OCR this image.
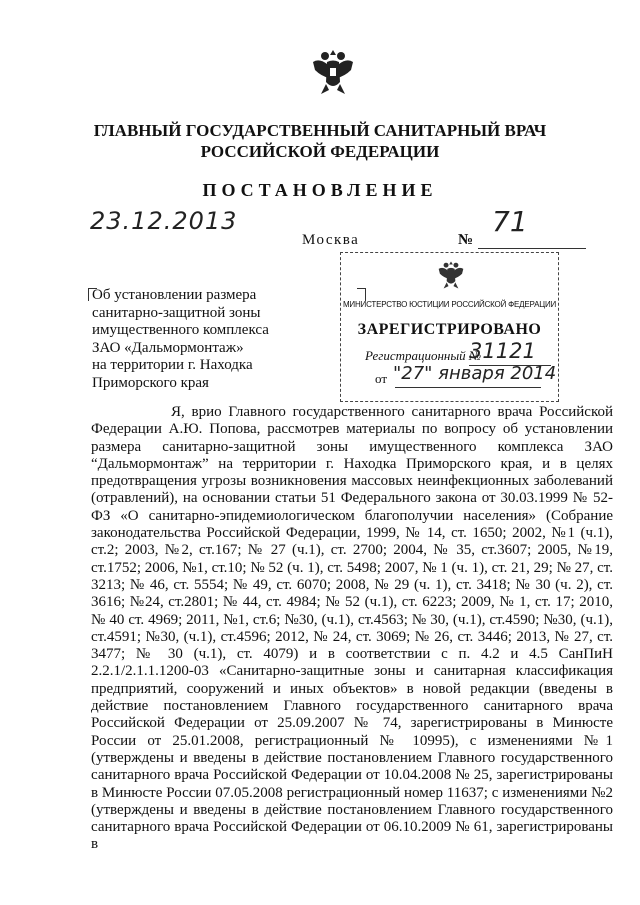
ГЛАВНЫЙ ГОСУДАРСТВЕННЫЙ САНИТАРНЫЙ ВРАЧ
РОССИЙСКОЙ ФЕДЕРАЦИИ
ПОСТАНОВЛЕНИЕ
23.12.2013
Москва	№
71
Об установлении размера
санитарно-защитной зоны
имущественного комплекса
ЗАО «Дальмормонтаж»
на территории г. Находка
Приморского края
МИНИСТЕРСТВО ЮСТИЦИИ РОССИЙСКОЙ ФЕДЕРАЦИИ
ЗАРЕГИСТРИРОВАНО
Регистрационный №
31121
от "27" января 2014
Я, врио Главного государственного санитарного врача Российской Федерации А.Ю. Попова, рассмотрев материалы по вопросу об установлении размера санитарно-защитной зоны имущественного комплекса ЗАО “Дальмормонтаж” на территории г. Находка Приморского края, и в целях предотвращения угрозы возникновения массовых неинфекционных заболеваний (отравлений), на основании статьи 51 Федерального закона от 30.03.1999 № 52-ФЗ «О санитарно-эпидемиологическом благополучии населения» (Собрание законодательства Российской Федерации, 1999, № 14, ст. 1650; 2002, №1 (ч.1), ст.2; 2003, №2, ст.167; № 27 (ч.1), ст. 2700; 2004, № 35, ст.3607; 2005, №19, ст.1752; 2006, №1, ст.10; № 52 (ч. 1), ст. 5498; 2007, № 1 (ч. 1), ст. 21, 29; № 27, ст. 3213; № 46, ст. 5554; № 49, ст. 6070; 2008, № 29 (ч. 1), ст. 3418; № 30 (ч. 2), ст. 3616; №24, ст.2801; № 44, ст. 4984; № 52 (ч.1), ст. 6223; 2009, № 1, ст. 17; 2010, № 40 ст. 4969; 2011, №1, ст.6; №30, (ч.1), ст.4563; № 30, (ч.1), ст.4590; №30, (ч.1), ст.4591; №30, (ч.1), ст.4596; 2012, № 24, ст. 3069; № 26, ст. 3446; 2013, № 27, ст. 3477; № 30 (ч.1), ст. 4079) и в соответствии с п. 4.2 и 4.5 СанПиН 2.2.1/2.1.1.1200-03 «Санитарно-защитные зоны и санитарная классификация предприятий, сооружений и иных объектов» в новой редакции (введены в действие постановлением Главного государственного санитарного врача Российской Федерации от 25.09.2007 № 74, зарегистрированы в Минюсте России от 25.01.2008, регистрационный № 10995), с изменениями №1 (утверждены и введены в действие постановлением Главного государственного санитарного врача Российской Федерации от 10.04.2008 № 25, зарегистрированы в Минюсте России 07.05.2008 регистрационный номер 11637; с изменениями №2 (утверждены и введены в действие постановлением Главного государственного санитарного врача Российской Федерации от 06.10.2009 № 61, зарегистрированы в
